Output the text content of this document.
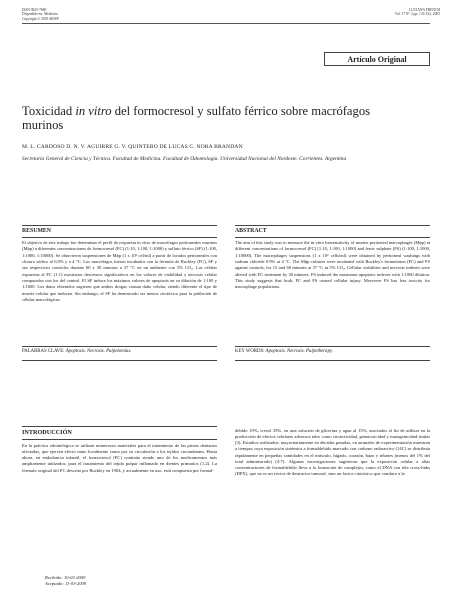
ISSN 0025-7680
Disponible en: Medicina
Copyright © 2005 SEMP
LUCIANA FRENCH
Vol. 17 N° 2 pp: 133-152, 2005
Artículo Original
Toxicidad in vitro del formocresol y sulfato férrico sobre macrófagos murinos
M. L. CARDOSO D. N. V. AGUIRRE G. V. QUINTERO DE LUCAS C. NORA BRANDAN
Secretaría General de Ciencia y Técnica. Facultad de Medicina. Facultad de Odontología. Universidad Nacional del Nordeste. Corrientes. Argentina
RESUMEN	ABSTRACT
El objetivo de este trabajo fue determinar el perfil de respuesta in vitro de macrófagos peritoneales murinos (Mϕp) a diferentes concentraciones de formocresol (FC) (1:10, 1:100, 1:1000) y sulfato férrico (SF) (1:100, 1:1000, 1:10000). Se obtuvieron suspensiones de Mϕp (1 x 10⁶ cel/ml) a partir de lavados peritoneales con cloruro sódico al 0,9% y a 4 °C. Los macrófagos fueron incubados con la fórmula de Buckley (FC), SF y sus respectivos controles durante 60 y 30 minutos a 37 °C en un ambiente con 5% CO₂. Las células expuestas al FC (1:1) mostraron descensos significativos en los valores de viabilidad y necrosis celular comparados con los del control. El SF induce los máximos valores de apoptosis en su dilución de 1:100 y 1:1000. Los datos obtenidos sugieren que ambos drogas causan daño celular, siendo diferente el tipo de muerte celular que inducen. Sin embargo, el SF ha demostrado ser menos citotóxico para la población de células macrofágicas.
The aim of this study was to measure the in vitro biosensitivity of murine peritoneal macrophages (Mϕp) at different concentrations of formocresol (FC) [1:10, 1:100, 1:1000] and ferric sulphate (FS) (1:100, 1:1000, 1:10000). The macrophages suspensions (1 x 10⁶ cells/ml) were obtained by peritoneal washings with sodium chloride 0.9% at 4 °C. The Mϕp cultures were incubated with Buckley's formulation (FC) and FS against controls, for 15 and 60 minutes at 37 °C in 5% CO₂. Cellular viabilities and necrosis indexes were altered with FC treatment by 30 minutes. FS induced the maximum apoptotic indexes with 1:1000 dilution. This study suggests that both, FC and FS caused cellular injury. Moreover FS has less toxicity for macrophage populations.
PALABRAS CLAVE: Apoptosis. Necrosis. Pulpotomías.	KEY WORDS: Apoptosis. Necrosis. Pulpotherapy.
INTRODUCCIÓN
En la práctica odontológica se utilizan numerosos materiales para el tratamiento de las piezas dentarias afectadas, que ejercen efecto tanto localmente como por su circulación a los tejidos circundantes. Hasta ahora, en endodoncia infantil, el formocresol (FC) continúa siendo uno de los medicamentos más ampliamente utilizados, para el tratamiento del tejido pulpar inflamado en dientes primarios (1,2). La fórmula original del FC descrita por Buckley en 1904, y actualmente en uso, está compuesta por formal-
dehído 19%, cresol 35%, en una solución de glicerina y agua al 15%, asociados al fin de utilizar en la producción de efectos celulares adversos tales como citotoxicidad, genotoxicidad y mutagenicidad tisular (3). Estudios realizados, mayoritariamente en décadas pasadas, en animales de experimentación muestran a tiempos cuya exposición sistémica a formaldehído marcado con carbono radioactivo (14C) se distribuía rápidamente en pequeñas cantidades en el músculo, hígado, corazón, bazo y riñones (menos del 1% del total administrado) (4-7). Algunas investigaciones sugirieron que la exposición celular a altas concentraciones de formaldehído lleva a la formación de complejos, como el DNA con tela cross-links (DPX), que no es un vector de destructor tumoral, sino un factor citotóxico que conduce a la
Recibido: 10-03-2009
Aceptado: 11-03-2009
